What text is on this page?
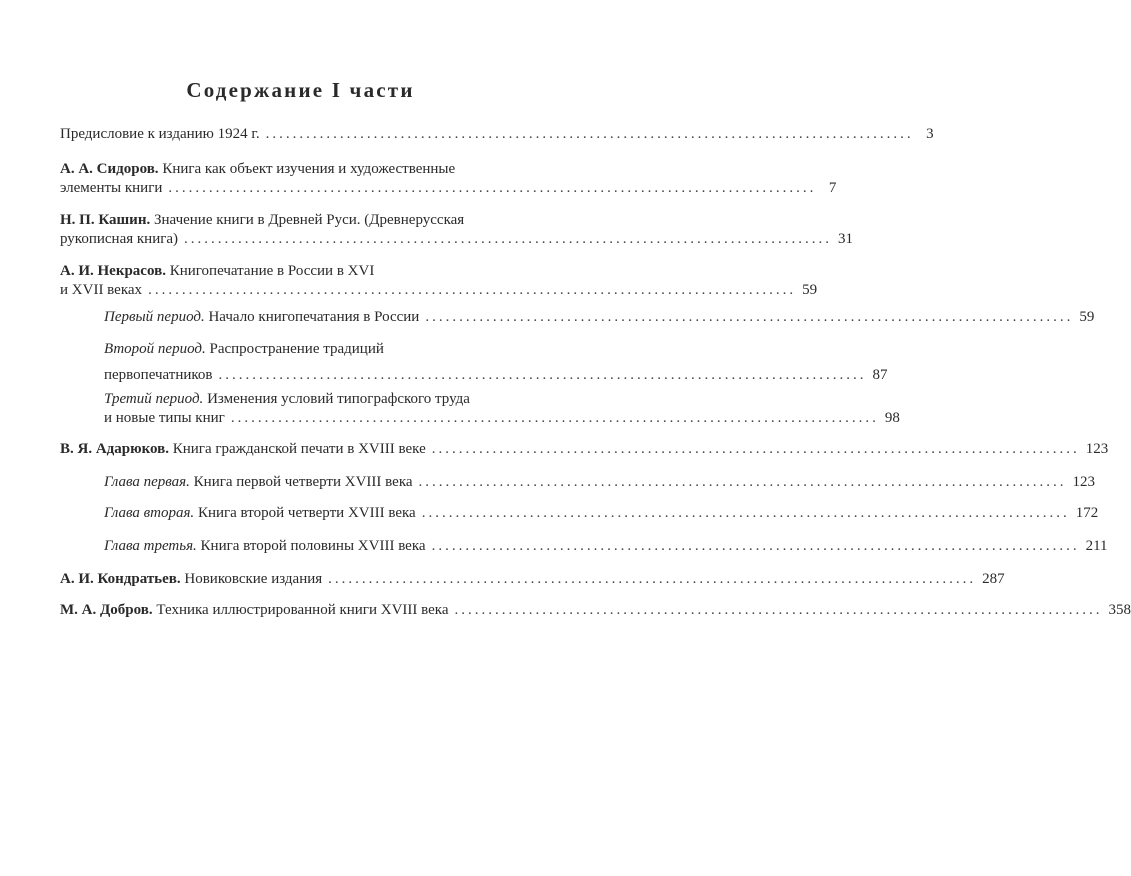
Содержание I части
Предисловие к изданию 1924 г. ................................................................................................ 3
А. А. Сидоров. Книга как объект изучения и художественные
элементы книги ................................................................................................ 7
Н. П. Кашин. Значение книги в Древней Руси. (Древнерусская
рукописная книга) ................................................................................................ 31
А. И. Некрасов. Книгопечатание в России в XVI
и XVII веках ................................................................................................ 59
Первый период. Начало книгопечатания в России ................................................................................................ 59
Второй период. Распространение традиций
первопечатников ................................................................................................ 87
Третий период. Изменения условий типографского труда
и новые типы книг ................................................................................................ 98
В. Я. Адарюков. Книга гражданской печати в XVIII веке ................................................................................................ 123
Глава первая. Книга первой четверти XVIII века ................................................................................................ 123
Глава вторая. Книга второй четверти XVIII века ................................................................................................ 172
Глава третья. Книга второй половины XVIII века ................................................................................................ 211
А. И. Кондратьев. Новиковские издания ................................................................................................ 287
М. А. Добров. Техника иллюстрированной книги XVIII века ................................................................................................ 358
